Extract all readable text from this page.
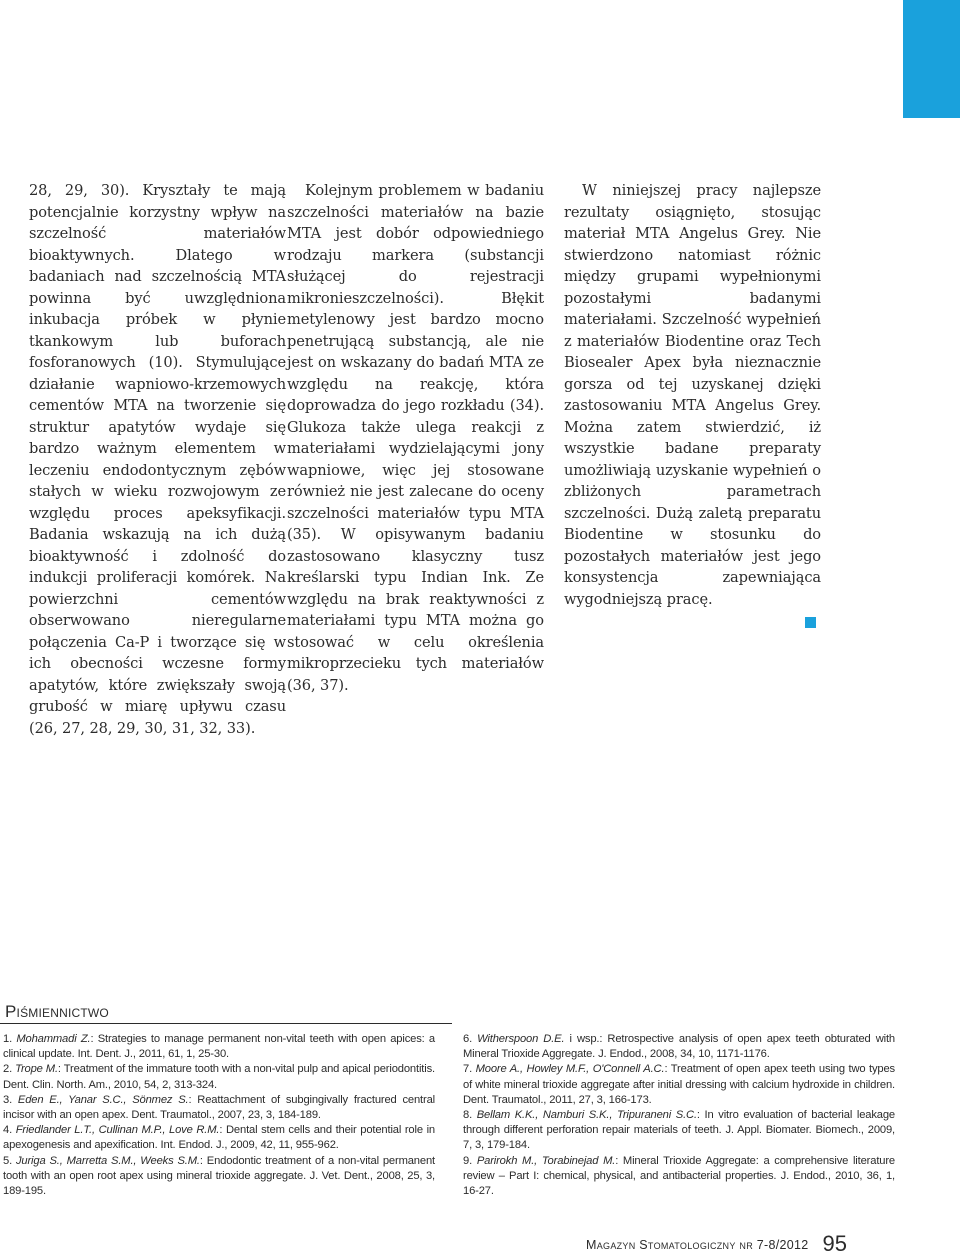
28, 29, 30). Kryształy te mają potencjalnie korzystny wpływ na szczelność materiałów bioaktywnych. Dlatego w badaniach nad szczelnością MTA powinna być uwzględniona inkubacja próbek w płynie tkankowym lub buforach fosforanowych (10). Stymulujące działanie wapniowo-krzemowych cementów MTA na tworzenie się struktur apatytów wydaje się bardzo ważnym elementem w leczeniu endodontycznym zębów stałych w wieku rozwojowym ze względu proces apeksyfikacji. Badania wskazują na ich dużą bioaktywność i zdolność do indukcji proliferacji komórek. Na powierzchni cementów obserwowano nieregularne połączenia Ca-P i tworzące się w ich obecności wczesne formy apatytów, które zwiększały swoją grubość w miarę upływu czasu (26, 27, 28, 29, 30, 31, 32, 33).

Kolejnym problemem w badaniu szczelności materiałów na bazie MTA jest dobór odpowiedniego rodzaju markera (substancji służącej do rejestracji mikronieszczelności). Błękit metylenowy jest bardzo mocno penetrującą substancją, ale nie jest on wskazany do badań MTA ze względu na reakcję, która doprowadza do jego rozkładu (34). Glukoza także ulega reakcji z materiałami wydzielającymi jony wapniowe, więc jej stosowane również nie jest zalecane do oceny szczelności materiałów typu MTA (35). W opisywanym badaniu zastosowano klasyczny tusz kreślarski typu Indian Ink. Ze względu na brak reaktywności z materiałami typu MTA można go stosować w celu określenia mikroprzecieku tych materiałów (36, 37).

W niniejszej pracy najlepsze rezultaty osiągnięto, stosując materiał MTA Angelus Grey. Nie stwierdzono natomiast różnic między grupami wypełnionymi pozostałymi badanymi materiałami. Szczelność wypełnień z materiałów Biodentine oraz Tech Biosealer Apex była nieznacznie gorsza od tej uzyskanej dzięki zastosowaniu MTA Angelus Grey. Można zatem stwierdzić, iż wszystkie badane preparaty umożliwiają uzyskanie wypełnień o zbliżonych parametrach szczelności. Dużą zaletą preparatu Biodentine w stosunku do pozostałych materiałów jest jego konsystencja zapewniająca wygodniejszą pracę.

Piśmiennictwo

1. Mohammadi Z.: Strategies to manage permanent non-vital teeth with open apices: a clinical update. Int. Dent. J., 2011, 61, 1, 25-30.

2. Trope M.: Treatment of the immature tooth with a non-vital pulp and apical periodontitis. Dent. Clin. North. Am., 2010, 54, 2, 313-324.

3. Eden E., Yanar S.C., Sönmez S.: Reattachment of subgingivally fractured central incisor with an open apex. Dent. Traumatol., 2007, 23, 3, 184-189.

4. Friedlander L.T., Cullinan M.P., Love R.M.: Dental stem cells and their potential role in apexogenesis and apexification. Int. Endod. J., 2009, 42, 11, 955-962.

5. Juriga S., Marretta S.M., Weeks S.M.: Endodontic treatment of a non-vital permanent tooth with an open root apex using mineral trioxide aggregate. J. Vet. Dent., 2008, 25, 3, 189-195.

6. Witherspoon D.E. i wsp.: Retrospective analysis of open apex teeth obturated with Mineral Trioxide Aggregate. J. Endod., 2008, 34, 10, 1171-1176.

7. Moore A., Howley M.F., O'Connell A.C.: Treatment of open apex teeth using two types of white mineral trioxide aggregate after initial dressing with calcium hydroxide in children. Dent. Traumatol., 2011, 27, 3, 166-173.

8. Bellam K.K., Namburi S.K., Tripuraneni S.C.: In vitro evaluation of bacterial leakage through different perforation repair materials of teeth. J. Appl. Biomater. Biomech., 2009, 7, 3, 179-184.

9. Parirokh M., Torabinejad M.: Mineral Trioxide Aggregate: a comprehensive literature review – Part I: chemical, physical, and antibacterial properties. J. Endod., 2010, 36, 1, 16-27.

Magazyn Stomatologiczny nr 7-8/2012 95
